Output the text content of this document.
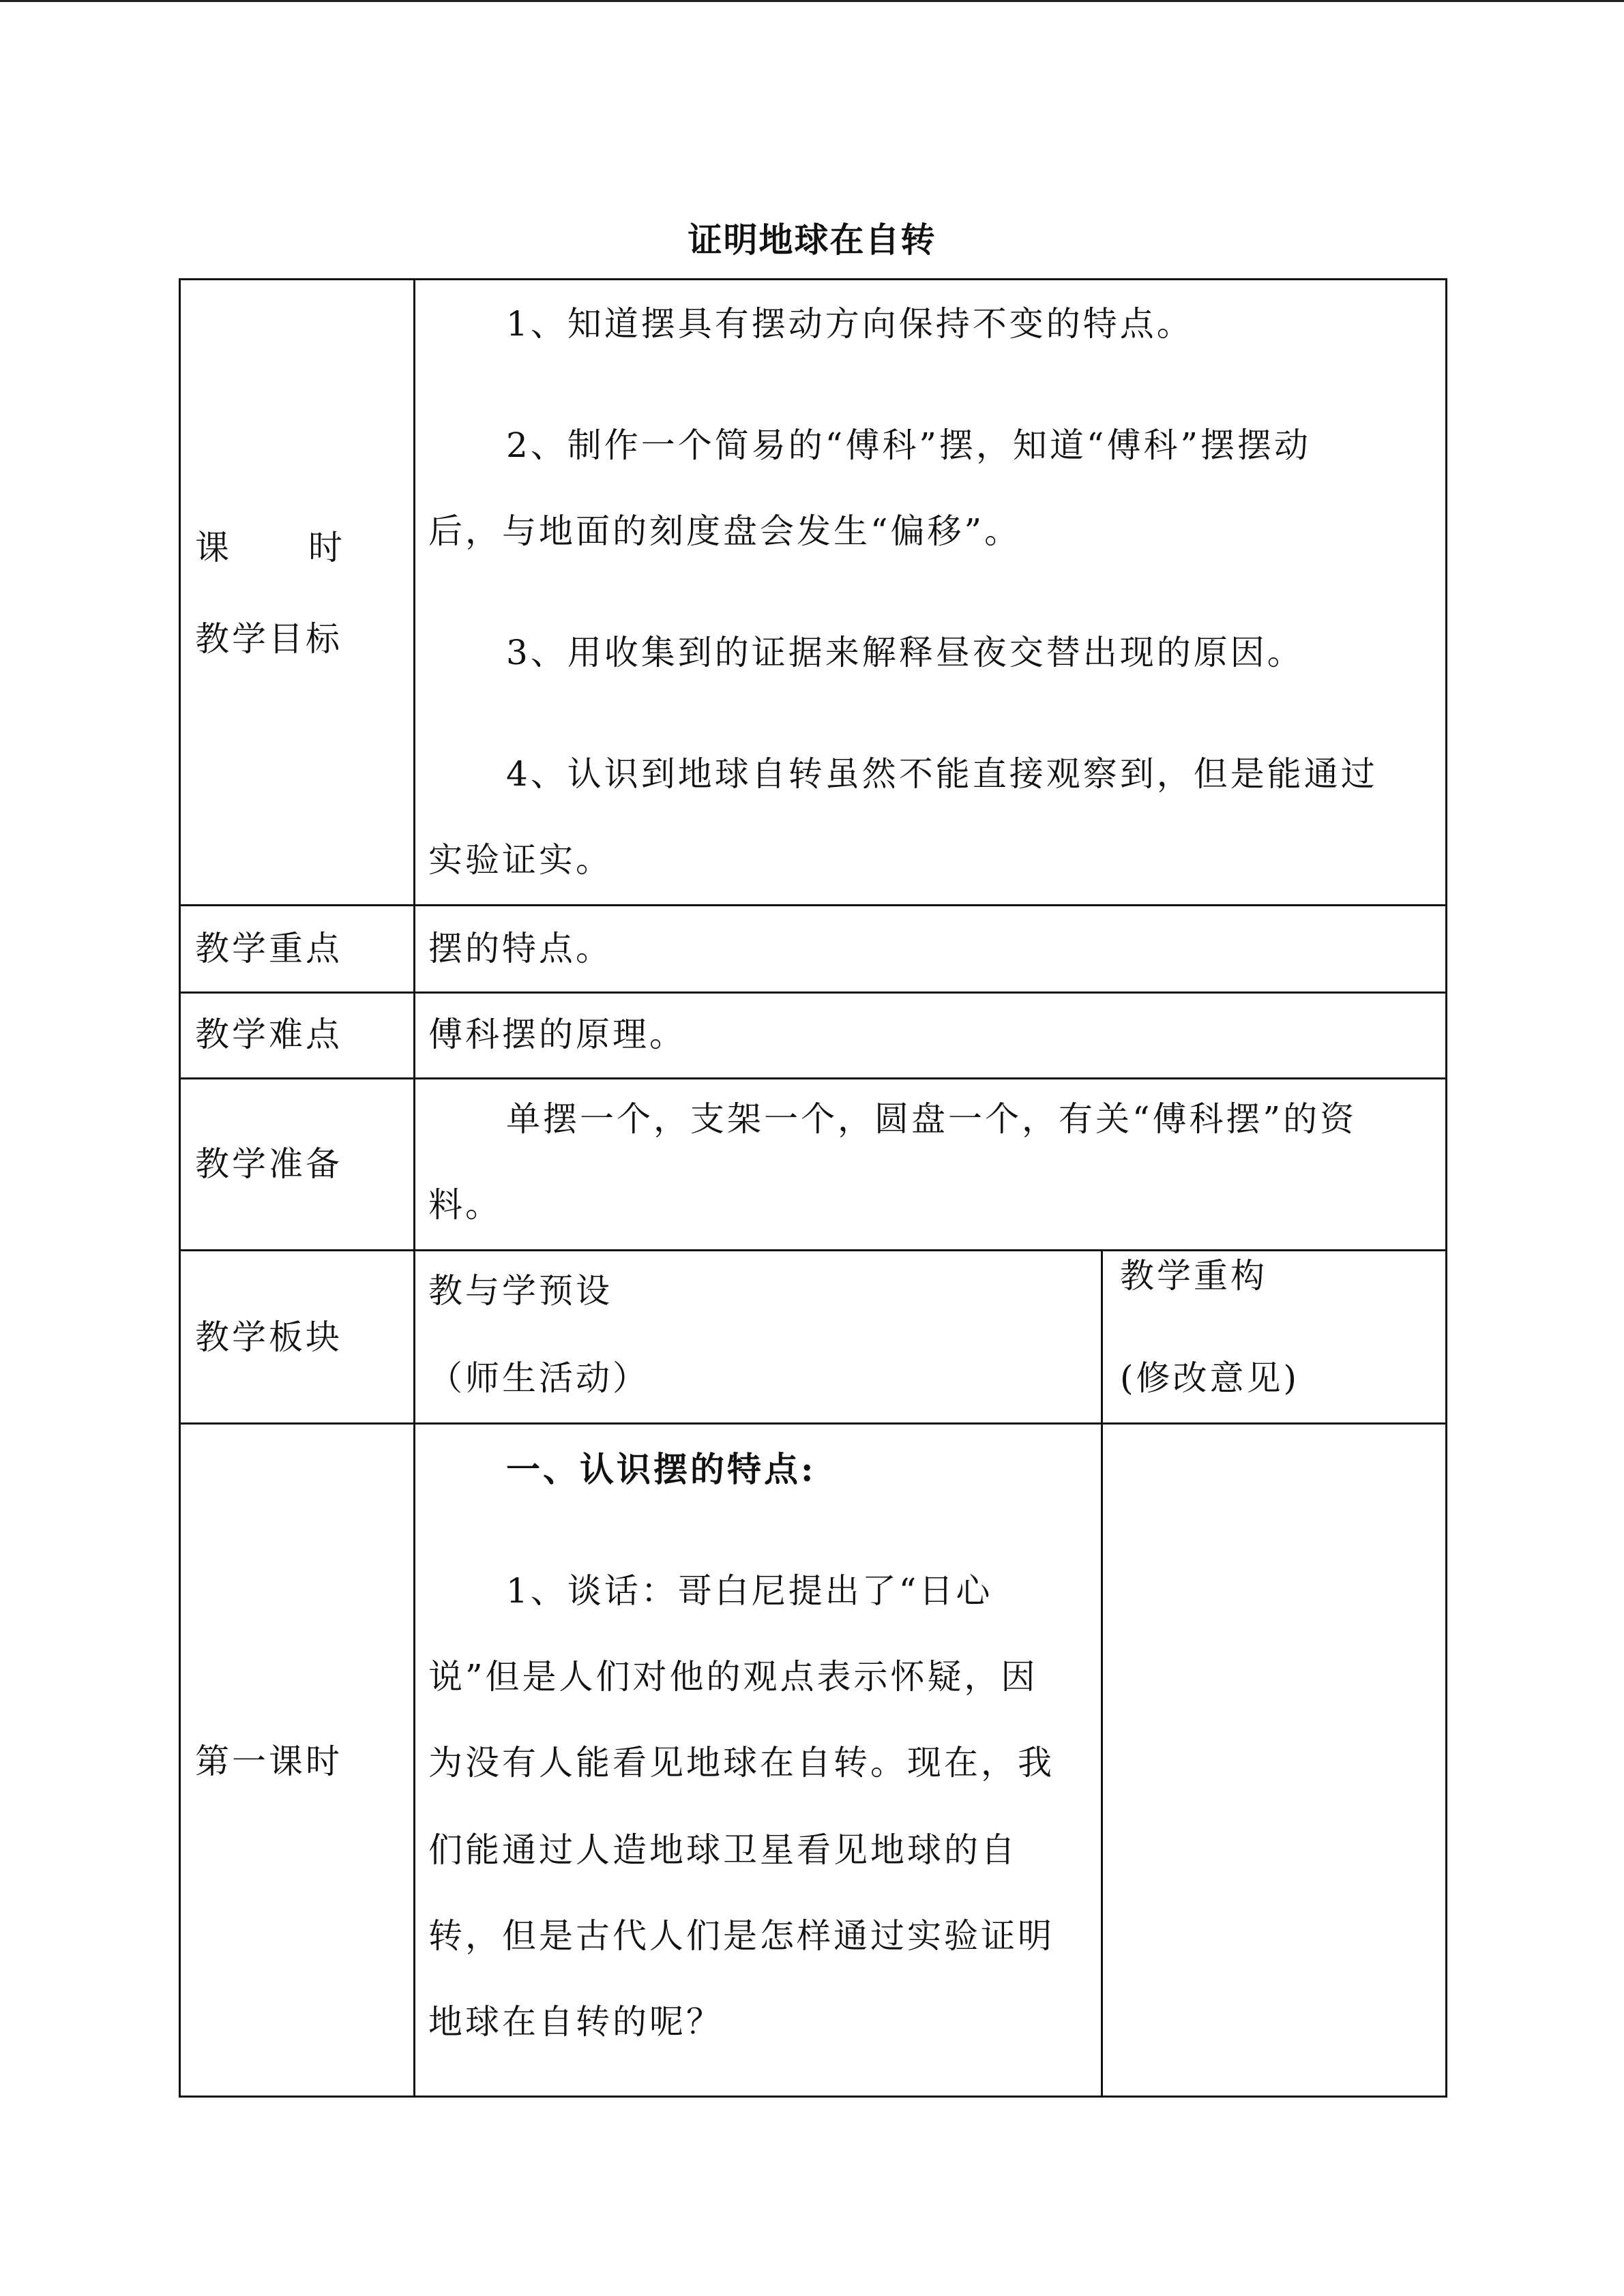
证明地球在自转
课 时
教学目标
1、知道摆具有摆动方向保持不变的特点。
2、制作一个简易的“傅科”摆，知道“傅科”摆摆动
后，与地面的刻度盘会发生“偏移”。
3、用收集到的证据来解释昼夜交替出现的原因。
4、认识到地球自转虽然不能直接观察到，但是能通过
实验证实。
教学重点	摆的特点。
教学难点	傅科摆的原理。
教学准备
单摆一个，支架一个，圆盘一个，有关“傅科摆”的资
料。
教学板块
教与学预设
（师生活动）
教学重构
(修改意见)
第一课时
一、认识摆的特点:
1、谈话：哥白尼提出了“日心
说”但是人们对他的观点表示怀疑，因
为没有人能看见地球在自转。现在，我
们能通过人造地球卫星看见地球的自
转，但是古代人们是怎样通过实验证明
地球在自转的呢？
